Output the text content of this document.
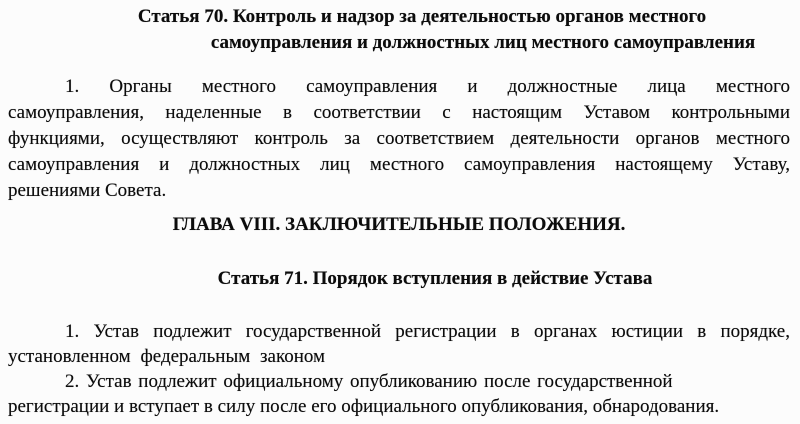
Статья 70. Контроль и надзор за деятельностью органов местного
самоуправления и должностных лиц местного самоуправления
1. Органы местного самоуправления и должностные лица местного
самоуправления, наделенные в соответствии с настоящим Уставом контрольными
функциями, осуществляют контроль за соответствием деятельности органов местного
самоуправления и должностных лиц местного самоуправления настоящему Уставу,
решениями Совета.
ГЛАВА VIII. ЗАКЛЮЧИТЕЛЬНЫЕ ПОЛОЖЕНИЯ.
Статья 71. Порядок вступления в действие Устава
1. Устав подлежит государственной регистрации в органах юстиции в порядке,
установленном федеральным законом
2. Устав подлежит официальному опубликованию после государственной
регистрации и вступает в силу после его официального опубликования, обнародования.
